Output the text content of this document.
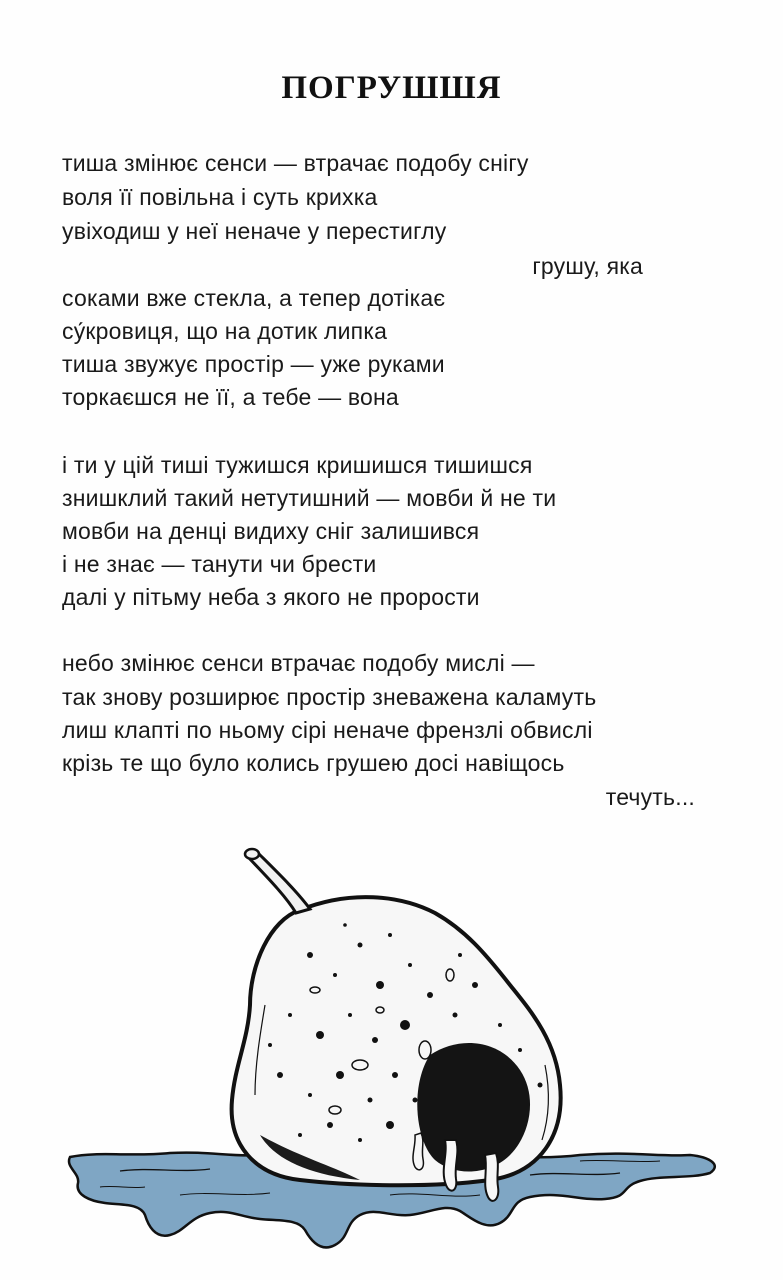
ПОГРУШШЯ
тиша змінює сенси — втрачає подобу снігу
воля її повільна і суть крихка
увіходиш у неї неначе у перестиглу
грушу, яка
соками вже стекла, а тепер дотікає
су́кровиця, що на дотик липка
тиша звужує простір — уже руками
торкаєшся не її, а тебе — вона
і ти у цій тиші тужишся кришишся тишишся
знишклий такий нетутишний — мовби й не ти
мовби на денці видиху сніг залишився
і не знає — танути чи брести
далі у пітьму неба з якого не прорости
небо змінює сенси втрачає подобу мислі —
так знову розширює простір зневажена каламуть
лиш клапті по ньому сірі неначе френзлі обвислі
крізь те що було колись грушею досі навіщось
течуть...
